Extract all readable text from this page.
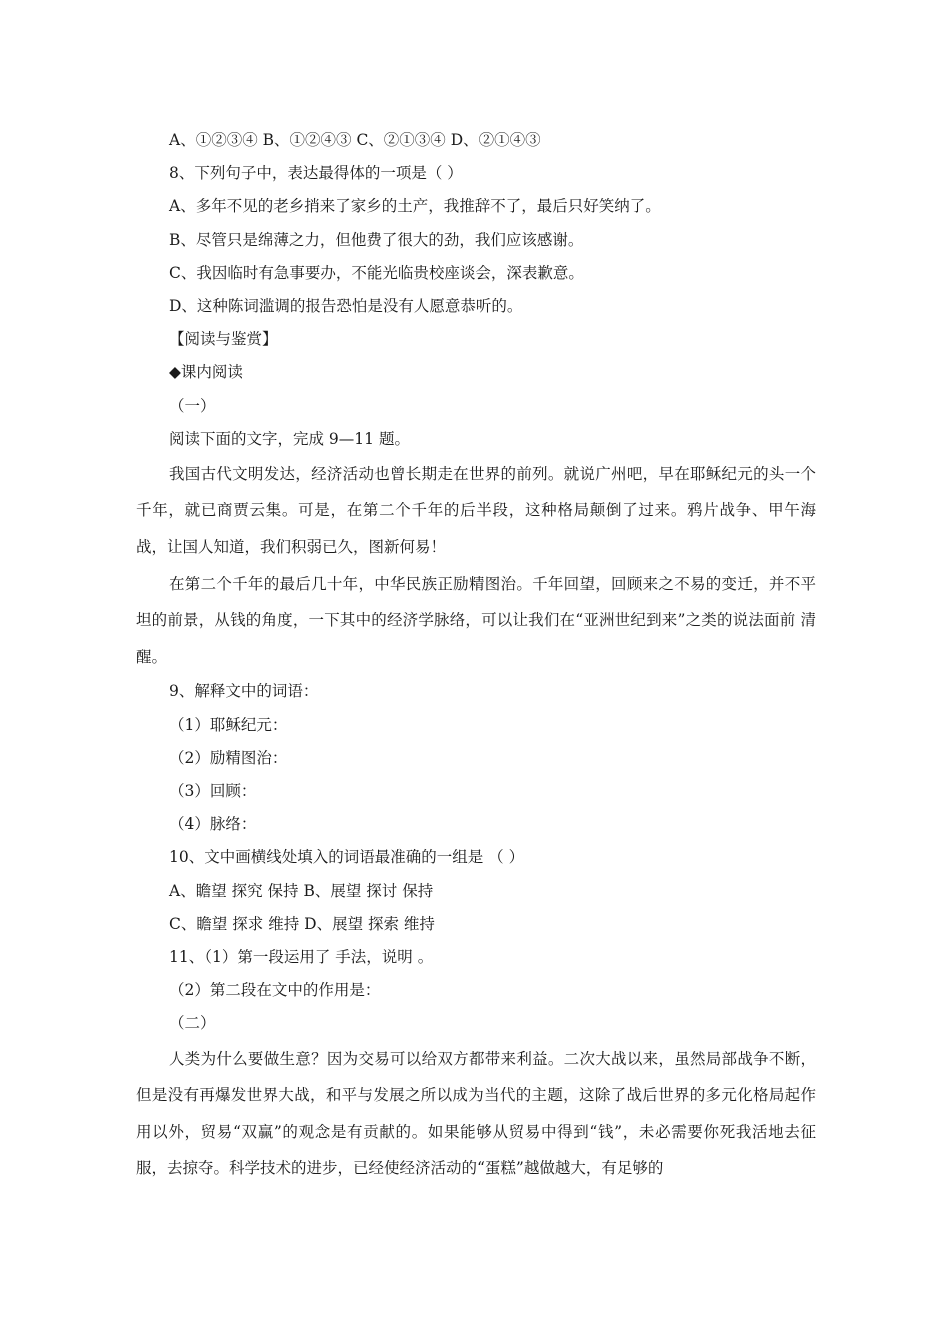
A、①②③④ B、①②④③ C、②①③④ D、②①④③

8、下列句子中，表达最得体的一项是（ ）

A、多年不见的老乡捎来了家乡的土产，我推辞不了，最后只好笑纳了。

B、尽管只是绵薄之力，但他费了很大的劲，我们应该感谢。

C、我因临时有急事要办，不能光临贵校座谈会，深表歉意。

D、这种陈词滥调的报告恐怕是没有人愿意恭听的。

【阅读与鉴赏】

◆课内阅读

（一）

阅读下面的文字，完成 9—11 题。

我国古代文明发达，经济活动也曾长期走在世界的前列。就说广州吧，早在耶稣纪元的头一个千年，就已商贾云集。可是，在第二个千年的后半段，这种格局颠倒了过来。鸦片战争、甲午海战，让国人知道，我们积弱已久，图新何易！

在第二个千年的最后几十年，中华民族正励精图治。千年回望，回顾来之不易的变迁，并不平坦的前景，从钱的角度，一下其中的经济学脉络，可以让我们在“亚洲世纪到来”之类的说法面前 清醒。

9、解释文中的词语：

（1）耶稣纪元：

（2）励精图治：

（3）回顾：

（4）脉络：

10、文中画横线处填入的词语最准确的一组是 （ ）

A、瞻望 探究 保持 B、展望 探讨 保持

C、瞻望 探求 维持 D、展望 探索 维持

11、（1）第一段运用了 手法，说明 。

（2）第二段在文中的作用是：

（二）

人类为什么要做生意？因为交易可以给双方都带来利益。二次大战以来，虽然局部战争不断，但是没有再爆发世界大战，和平与发展之所以成为当代的主题，这除了战后世界的多元化格局起作用以外，贸易“双赢”的观念是有贡献的。如果能够从贸易中得到“钱”，未必需要你死我活地去征服，去掠夺。科学技术的进步，已经使经济活动的“蛋糕”越做越大，有足够的
